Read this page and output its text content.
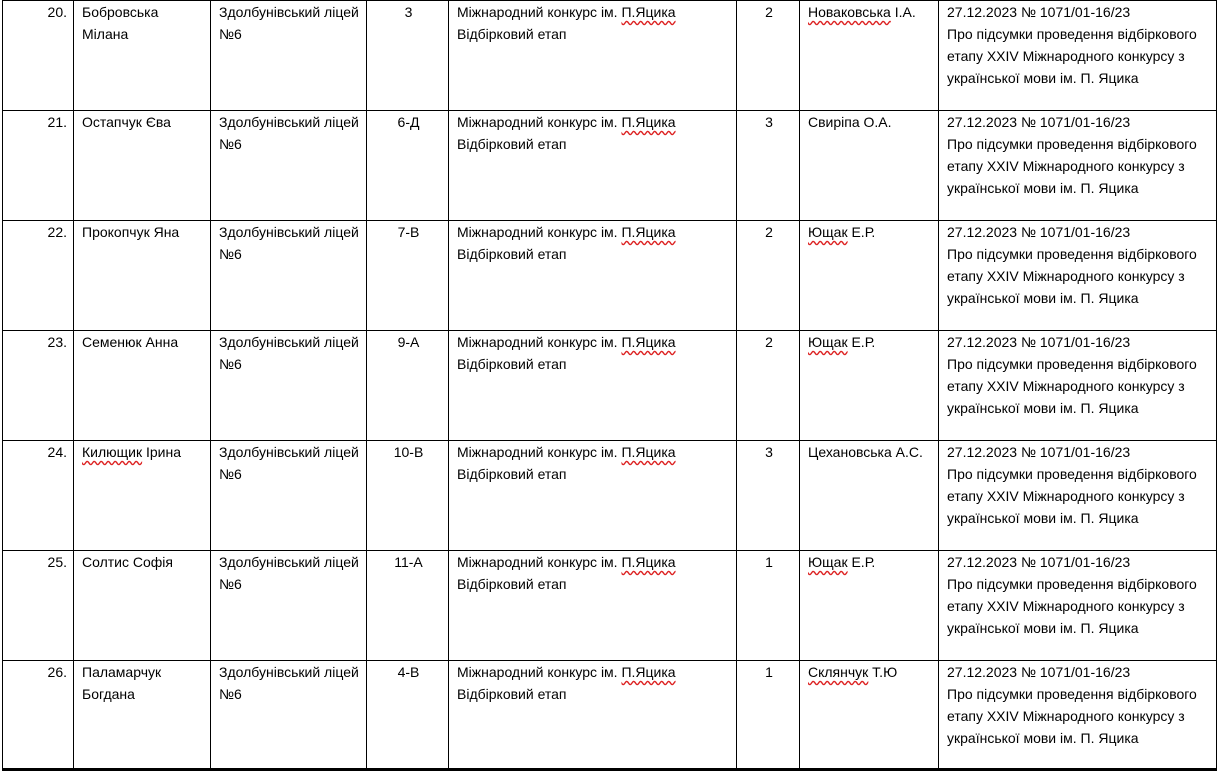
20.	Бобровська Мілана	Здолбунівський ліцей №6	3	Міжнародний конкурс ім. П.Яцика
Відбірковий етап	2	Новаковська І.А.	27.12.2023 № 1071/01-16/23
Про підсумки проведення відбіркового етапу XXIV Міжнародного конкурсу з української мови ім. П. Яцика
21.	Остапчук Єва	Здолбунівський ліцей №6	6-Д	Міжнародний конкурс ім. П.Яцика
Відбірковий етап	3	Свиріпа О.А.	27.12.2023 № 1071/01-16/23
Про підсумки проведення відбіркового етапу XXIV Міжнародного конкурсу з української мови ім. П. Яцика
22.	Прокопчук Яна	Здолбунівський ліцей №6	7-В	Міжнародний конкурс ім. П.Яцика
Відбірковий етап	2	Ющак Е.Р.	27.12.2023 № 1071/01-16/23
Про підсумки проведення відбіркового етапу XXIV Міжнародного конкурсу з української мови ім. П. Яцика
23.	Семенюк Анна	Здолбунівський ліцей №6	9-А	Міжнародний конкурс ім. П.Яцика
Відбірковий етап	2	Ющак Е.Р.	27.12.2023 № 1071/01-16/23
Про підсумки проведення відбіркового етапу XXIV Міжнародного конкурсу з української мови ім. П. Яцика
24.	Килющик Ірина	Здолбунівський ліцей №6	10-В	Міжнародний конкурс ім. П.Яцика
Відбірковий етап	3	Цехановська А.С.	27.12.2023 № 1071/01-16/23
Про підсумки проведення відбіркового етапу XXIV Міжнародного конкурсу з української мови ім. П. Яцика
25.	Солтис Софія	Здолбунівський ліцей №6	11-А	Міжнародний конкурс ім. П.Яцика
Відбірковий етап	1	Ющак Е.Р.	27.12.2023 № 1071/01-16/23
Про підсумки проведення відбіркового етапу XXIV Міжнародного конкурсу з української мови ім. П. Яцика
26.	Паламарчук Богдана	Здолбунівський ліцей №6	4-В	Міжнародний конкурс ім. П.Яцика
Відбірковий етап	1	Склянчук Т.Ю	27.12.2023 № 1071/01-16/23
Про підсумки проведення відбіркового етапу XXIV Міжнародного конкурсу з української мови ім. П. Яцика
